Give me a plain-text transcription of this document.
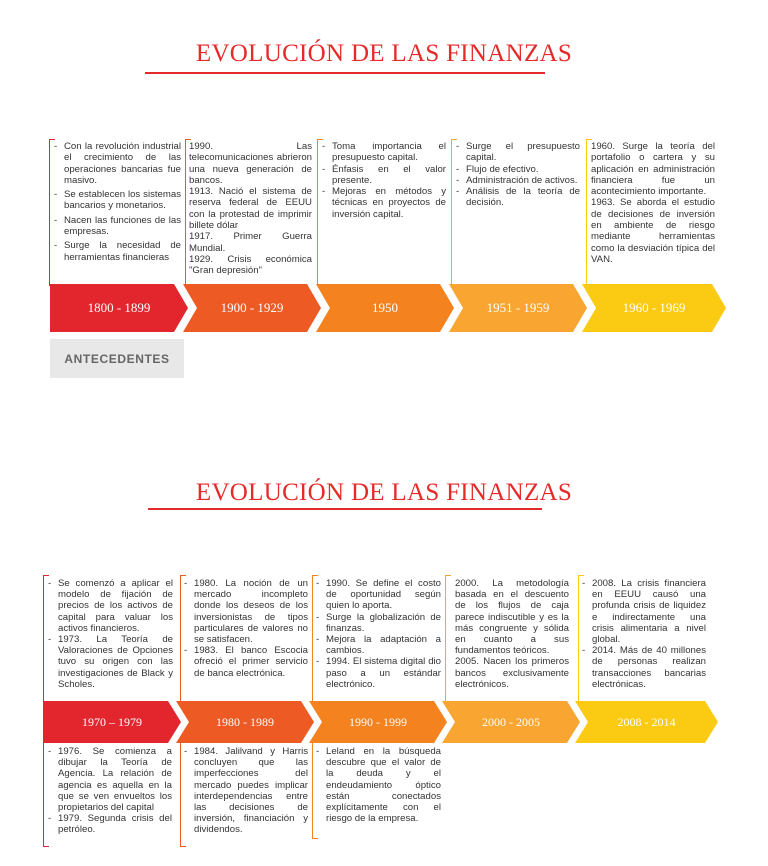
EVOLUCIÓN DE LAS FINANZAS
- Con la revolución industrial el crecimiento de las operaciones bancarias fue masivo.
- Se establecen los sistemas bancarios y monetarios.
- Nacen las funciones de las empresas.
- Surge la necesidad de herramientas financieras

1990. Las telecomunicaciones abrieron una nueva generación de bancos.

1913. Nació el sistema de reserva federal de EEUU con la protestad de imprimir billete dólar

1917. Primer Guerra Mundial.

1929. Crisis económica "Gran depresión"

- Toma importancia el presupuesto capital.
- Énfasis en el valor presente.
- Mejoras en métodos y técnicas en proyectos de inversión capital.
- Surge el presupuesto capital.
- Flujo de efectivo.
- Administración de activos.
- Análisis de la teoría de decisión.

1960. Surge la teoría del portafolio o cartera y su aplicación en administración financiera fue un acontecimiento importante.

1963. Se aborda el estudio de decisiones de inversión en ambiente de riesgo mediante herramientas como la desviación típica del VAN.

1800 - 1899	1900 - 1929	1950	1951 - 1959	1960 - 1969
ANTECEDENTES
EVOLUCIÓN DE LAS FINANZAS
- Se comenzó a aplicar el modelo de fijación de precios de los activos de capital para valuar los activos financieros.
- 1973. La Teoría de Valoraciones de Opciones tuvo su origen con las investigaciones de Black y Scholes.
- 1980. La noción de un mercado incompleto donde los deseos de los inversionistas de tipos particulares de valores no se satisfacen.
- 1983. El banco Escocia ofreció el primer servicio de banca electrónica.
- 1990. Se define el costo de oportunidad según quien lo aporta.
- Surge la globalización de finanzas.
- Mejora la adaptación a cambios.
- 1994. El sistema digital dio paso a un estándar electrónico.

2000. La metodología basada en el descuento de los flujos de caja parece indiscutible y es la más congruente y sólida en cuanto a sus fundamentos teóricos.

2005. Nacen los primeros bancos exclusivamente electrónicos.

- 2008. La crisis financiera en EEUU causó una profunda crisis de liquidez e indirectamente una crisis alimentaria a nivel global.
- 2014. Más de 40 millones de personas realizan transacciones bancarias electrónicas.
1970 – 1979	1980 - 1989	1990 - 1999	2000 - 2005	2008 - 2014
- 1976. Se comienza a dibujar la Teoría de Agencia. La relación de agencia es aquella en la que se ven envueltos los propietarios del capital
- 1979. Segunda crisis del petróleo.
- 1984. Jalilvand y Harris concluyen que las imperfecciones del mercado puedes implicar interdependencias entre las decisiones de inversión, financiación y dividendos.
- Leland en la búsqueda descubre que el valor de la deuda y el endeudamiento óptico están conectados explícitamente con el riesgo de la empresa.
